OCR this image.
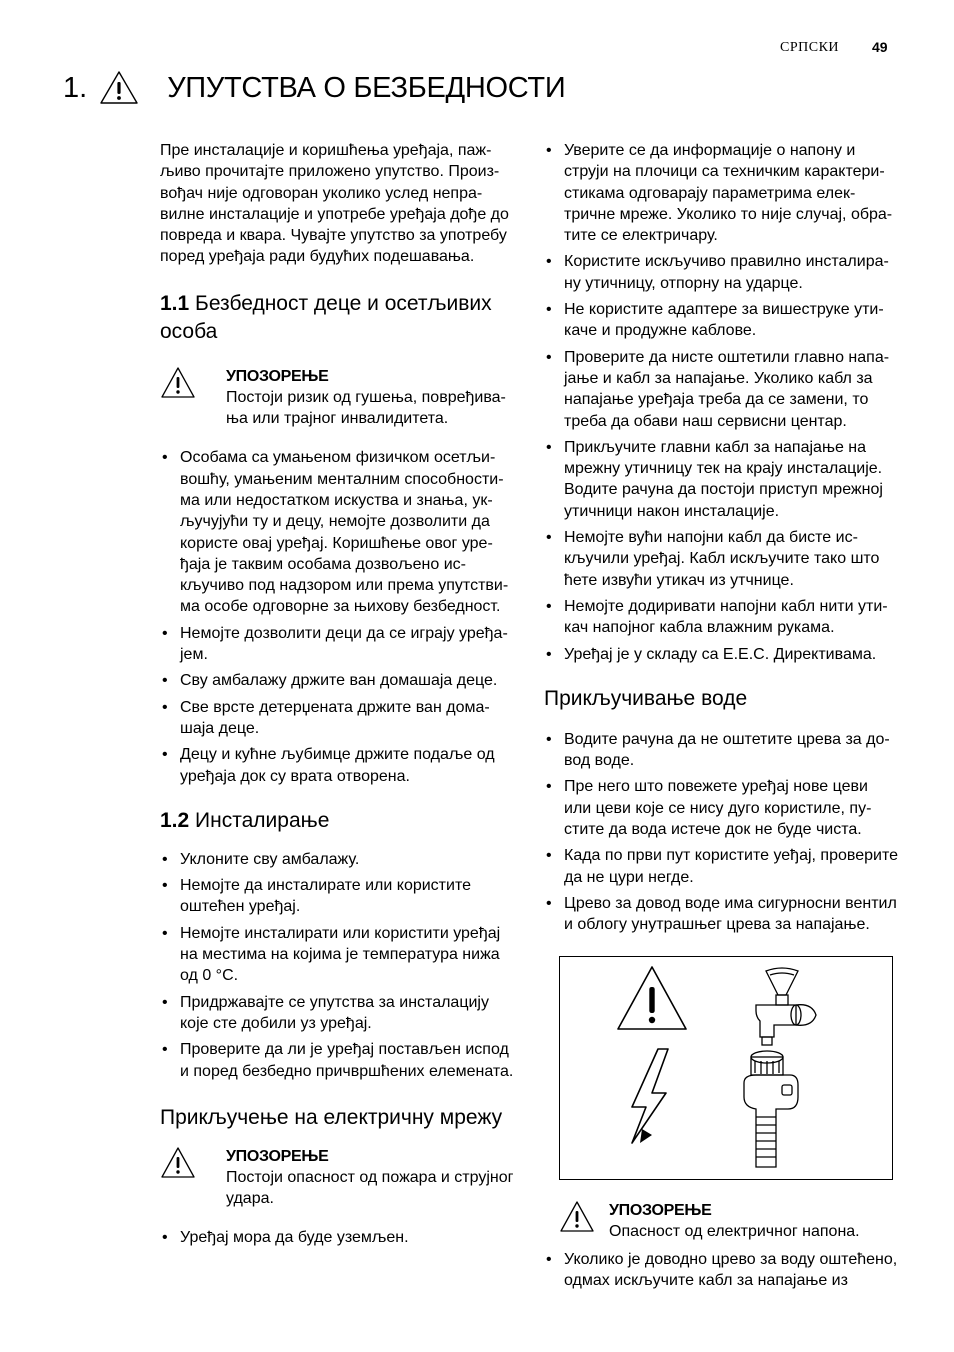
СРПСКИ 49
1.	УПУТСТВА О БЕЗБЕДНОСТИ

Пре инсталације и коришћења уређаја, пажљиво прочитајте приложено упутство. Произвођач није одговоран уколико услед неправилне инсталације и употребе уређаја дође до повреда и квара. Чувајте упутство за употребу поред уређаја ради будућих подешавања.

1.1 Безбедност деце и осетљивих особа
УПОЗОРЕЊЕ
Постоји ризик од гушења, повређивања или трајног инвалидитета.
• Особама са умањеном физичком осетљивошћу, умањеним менталним способностима или недостатком искуства и знања, укључујући ту и децу, немојте дозволити да користе овај уређај. Коришћење овог уређаја је таквим особама дозвољено искључиво под надзором или према упутствима особе одговорне за њихову безбедност.
• Немојте дозволити деци да се играју уређајем.
• Сву амбалажу држите ван домашаја деце.
• Све врсте детерџената држите ван домашаја деце.
• Децу и кућне љубимце држите подаље од уређаја док су врата отворена.
1.2 Инсталирање
• Уклоните сву амбалажу.
• Немојте да инсталирате или користите оштећен уређај.
• Немојте инсталирати или користити уређај на местима на којима је температура нижа од 0 °C.
• Придржавајте се упутства за инсталацију које сте добили уз уређај.
• Проверите да ли је уређај постављен испод и поред безбедно причвршћених елемената.
Прикључење на електричну мрежу
УПОЗОРЕЊЕ
Постоји опасност од пожара и струјног удара.
• Уређај мора да буде уземљен.
• Уверите се да информације о напону и струји на плочици са техничким карактеристикама одговарају параметрима електричне мреже. Уколико то није случај, обратите се електричару.
• Користите искључиво правилно инсталирану утичницу, отпорну на ударце.
• Не користите адаптере за вишеструке утикаче и продужне каблове.
• Проверите да нисте оштетили главно напајање и кабл за напајање. Уколико кабл за напајање уређаја треба да се замени, то треба да обави наш сервисни центар.
• Прикључите главни кабл за напајање на мрежну утичницу тек на крају инсталације. Водите рачуна да постоји приступ мрежној утичници након инсталације.
• Немојте вући напојни кабл да бисте искључили уређај. Кабл искључите тако што ћете извући утикач из утчнице.
• Немојте додиривати напојни кабл нити утикач напојног кабла влажним рукама.
• Уређај је у складу са Е.Е.С. Директивама.
Прикључивање воде
• Водите рачуна да не оштетите црева за довод воде.
• Пре него што повежете уређај нове цеви или цеви које се нису дуго користиле, пустите да вода истече док не буде чиста.
• Када по први пут користите уеђај, проверите да не цури негде.
• Црево за довод воде има сигурносни вентил и облогу унутрашњег црева за напајање.
УПОЗОРЕЊЕ
Опасност од електричног напона.
• Уколико је доводно црево за воду оштећено, одмах искључите кабл за напајање из
